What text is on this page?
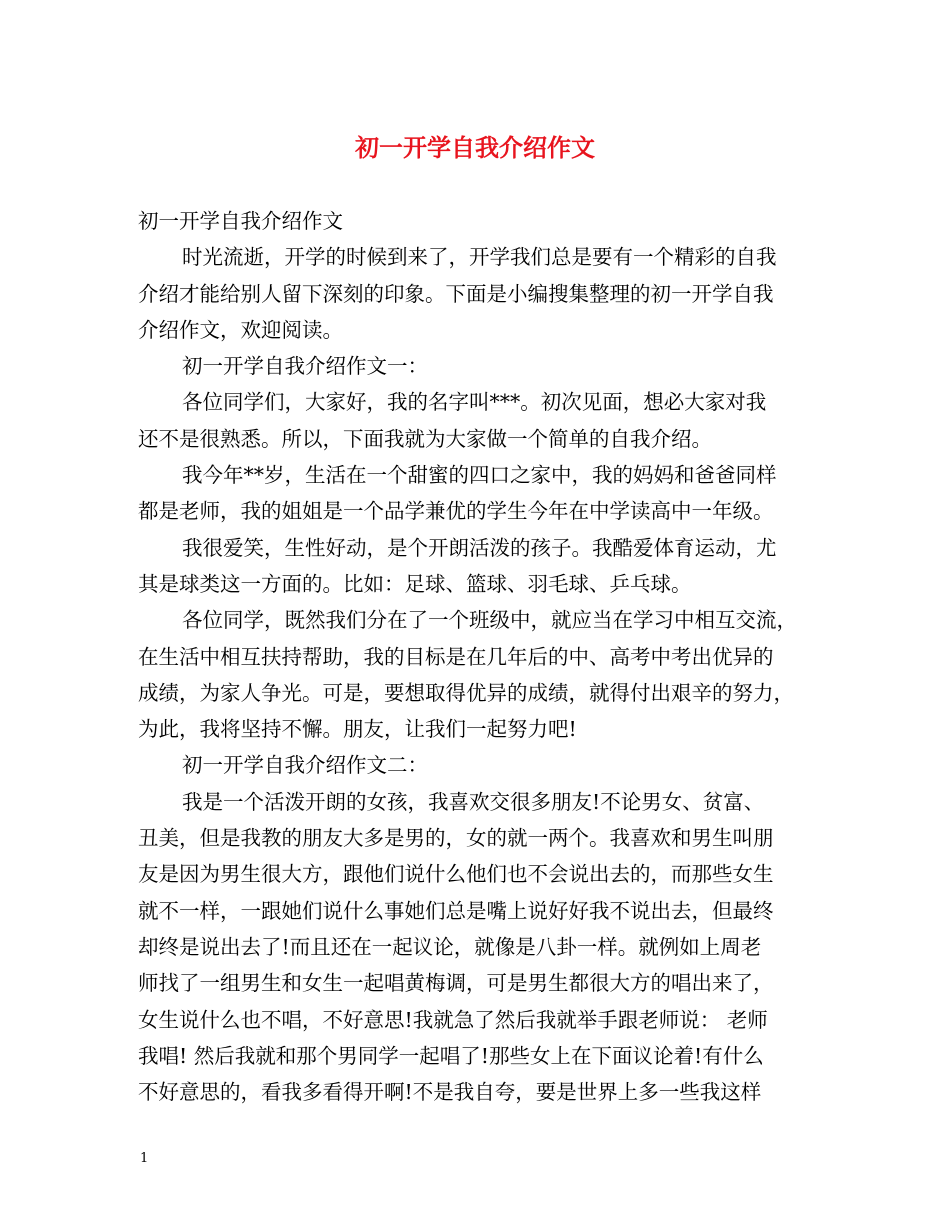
初一开学自我介绍作文
初一开学自我介绍作文
时光流逝，开学的时候到来了，开学我们总是要有一个精彩的自我
介绍才能给别人留下深刻的印象。下面是小编搜集整理的初一开学自我
介绍作文，欢迎阅读。
初一开学自我介绍作文一：
各位同学们，大家好，我的名字叫***。初次见面，想必大家对我
还不是很熟悉。所以，下面我就为大家做一个简单的自我介绍。
我今年**岁，生活在一个甜蜜的四口之家中，我的妈妈和爸爸同样
都是老师，我的姐姐是一个品学兼优的学生今年在中学读高中一年级。
我很爱笑，生性好动，是个开朗活泼的孩子。我酷爱体育运动，尤
其是球类这一方面的。比如：足球、篮球、羽毛球、乒乓球。
各位同学，既然我们分在了一个班级中，就应当在学习中相互交流，
在生活中相互扶持帮助，我的目标是在几年后的中、高考中考出优异的
成绩，为家人争光。可是，要想取得优异的成绩，就得付出艰辛的努力，
为此，我将坚持不懈。朋友，让我们一起努力吧!
初一开学自我介绍作文二：
我是一个活泼开朗的女孩，我喜欢交很多朋友!不论男女、贫富、
丑美，但是我教的朋友大多是男的，女的就一两个。我喜欢和男生叫朋
友是因为男生很大方，跟他们说什么他们也不会说出去的，而那些女生
就不一样，一跟她们说什么事她们总是嘴上说好好我不说出去，但最终
却终是说出去了!而且还在一起议论，就像是八卦一样。就例如上周老
师找了一组男生和女生一起唱黄梅调，可是男生都很大方的唱出来了，
女生说什么也不唱，不好意思!我就急了然后我就举手跟老师说： 老师
我唱! 然后我就和那个男同学一起唱了!那些女上在下面议论着!有什么
不好意思的，看我多看得开啊!不是我自夸，要是世界上多一些我这样
1
